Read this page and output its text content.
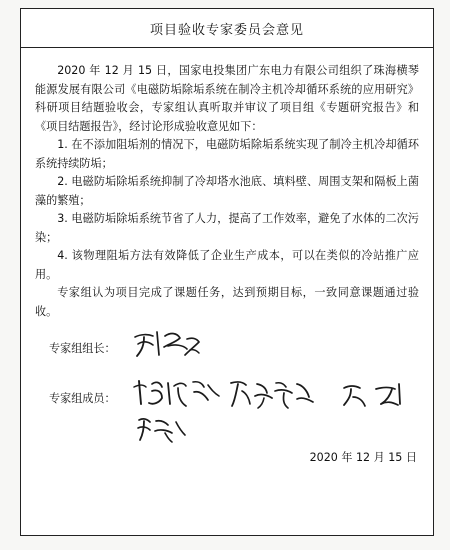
项目验收专家委员会意见

2020 年 12 月 15 日，国家电投集团广东电力有限公司组织了珠海横琴能源发展有限公司《电磁防垢除垢系统在制冷主机冷却循环系统的应用研究》科研项目结题验收会，专家组认真听取并审议了项目组《专题研究报告》和《项目结题报告》，经讨论形成验收意见如下：

1. 在不添加阻垢剂的情况下，电磁防垢除垢系统实现了制冷主机冷却循环系统持续防垢；

2. 电磁防垢除垢系统抑制了冷却塔水池底、填料壁、周围支架和隔板上菌藻的繁殖；

3. 电磁防垢除垢系统节省了人力，提高了工作效率，避免了水体的二次污染；

4. 该物理阻垢方法有效降低了企业生产成本，可以在类似的冷站推广应用。

专家组认为项目完成了课题任务，达到预期目标，一致同意课题通过验收。

专家组组长：
专家组成员：
2020 年 12 月 15 日
